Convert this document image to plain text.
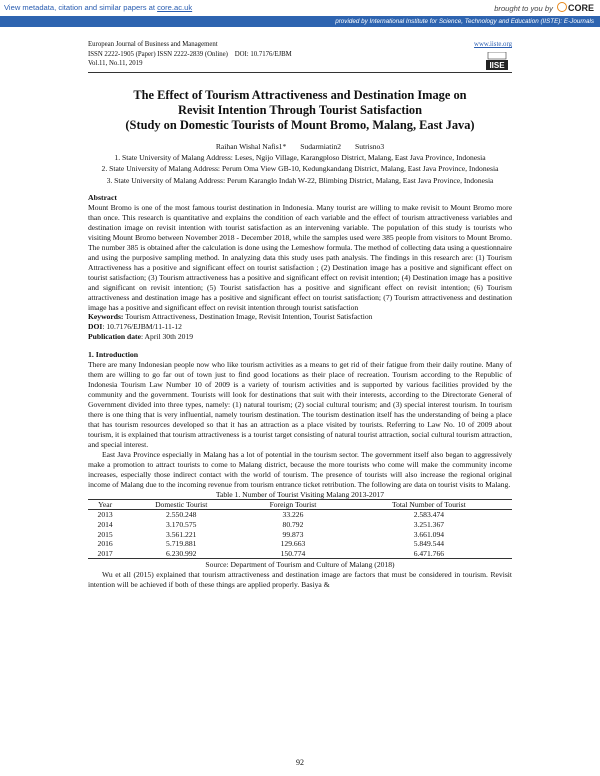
View metadata, citation and similar papers at core.ac.uk	brought to you by CORE
provided by International Institute for Science, Technology and Education (IISTE): E-Journals
European Journal of Business and Management
ISSN 2222-1905 (Paper) ISSN 2222-2839 (Online) DOI: 10.7176/EJBM
Vol.11, No.11, 2019
www.iiste.org
IISE
The Effect of Tourism Attractiveness and Destination Image on
Revisit Intention Through Tourist Satisfaction
(Study on Domestic Tourists of Mount Bromo, Malang, East Java)
Raihan Wishal Nafis1* Sudarmiatin2 Sutrisno3
1. State University of Malang Address: Leses, Ngijo Village, Karangploso District, Malang, East Java Province, Indonesia
2. State University of Malang Address: Perum Oma View GB-10, Kedungkandang District, Malang, East Java Province, Indonesia
3. State University of Malang Address: Perum Karanglo Indah W-22, Blimbing District, Malang, East Java Province, Indonesia
Abstract
Mount Bromo is one of the most famous tourist destination in Indonesia. Many tourist are willing to make revisit to Mount Bromo more than once. This research is quantitative and explains the condition of each variable and the effect of tourism attractiveness variables and destination image on revisit intention with tourist satisfaction as an intervening variable. The population of this study is tourists who visiting Mount Bromo between November 2018 - December 2018, while the samples used were 385 people from visitors to Mount Bromo. The number 385 is obtained after the calculation is done using the Lemeshow formula. The method of collecting data using a questionnaire and using the purposive sampling method. In analyzing data this study uses path analysis. The findings in this research are: (1) Tourism Attractiveness has a positive and significant effect on tourist satisfaction ; (2) Destination image has a positive and significant effect on tourist satisfaction; (3) Tourism attractiveness has a positive and significant effect on revisit intention; (4) Destination image has a positive and significant on revisit intention; (5) Tourist satisfaction has a positive and significant effect on revisit intention; (6) Tourism attractiveness and destination image has a positive and significant effect on tourist satisfaction; (7) Tourism attractiveness and destination image has a positive and significant effect on revisit intention through tourist satisfaction
Keywords: Tourism Attractiveness, Destination Image, Revisit Intention, Tourist Satisfaction
DOI: 10.7176/EJBM/11-11-12
Publication date: April 30th 2019
1. Introduction
There are many Indonesian people now who like tourism activities as a means to get rid of their fatigue from their daily routine. Many of them are willing to go far out of town just to find good locations as their place of recreation. Tourism according to the Republic of Indonesia Tourism Law Number 10 of 2009 is a variety of tourism activities and is supported by various facilities provided by the community and the government. Tourists will look for destinations that suit with their interests, according to the Directorate General of Government divided into three types, namely: (1) natural tourism; (2) social cultural tourism; and (3) special interest tourism. In tourism there is one thing that is very influential, namely tourism destination. The tourism destination itself has the understanding of being a place that has tourism resources developed so that it has an attraction as a place visited by tourists. Referring to Law No. 10 of 2009 about tourism, it is explained that tourism attractiveness is a tourist target consisting of natural tourist attraction, social cultural tourism attraction, and special interest.
East Java Province especially in Malang has a lot of potential in the tourism sector. The government itself also began to aggressively make a promotion to attract tourists to come to Malang district, because the more tourists who come will make the community income increases, especially those indirect contact with the world of tourism. The presence of tourists will also increase the regional original income of Malang due to the incoming revenue from tourism entrance ticket retribution. The following are data on tourist visits to Malang.
Table 1. Number of Tourist Visiting Malang 2013-2017
Year	Domestic Tourist	Foreign Tourist	Total Number of Tourist
2013	2.550.248	33.226	2.583.474
2014	3.170.575	80.792	3.251.367
2015	3.561.221	99.873	3.661.094
2016	5.719.881	129.663	5.849.544
2017	6.230.992	150.774	6.471.766
Source: Department of Tourism and Culture of Malang (2018)
Wu et all (2015) explained that tourism attractiveness and destination image are factors that must be considered in tourism. Revisit intention will be achieved if both of these things are applied properly. Basiya &
92
